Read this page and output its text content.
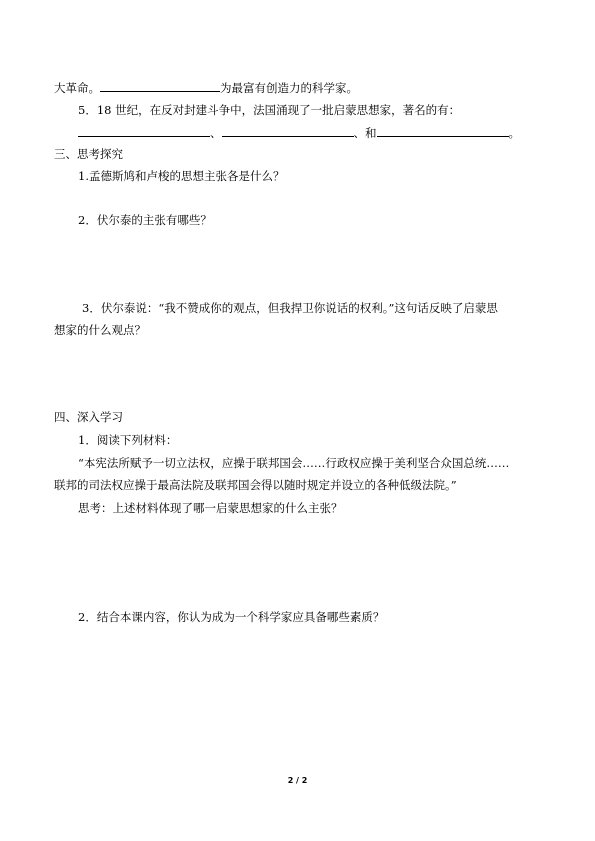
大革命。	为最富有创造力的科学家。
5．18 世纪，在反对封建斗争中，法国涌现了一批启蒙思想家，著名的有：
、	、和	。
三、思考探究
1.孟德斯鸠和卢梭的思想主张各是什么？
2．伏尔泰的主张有哪些？
3．伏尔泰说：“我不赞成你的观点，但我捍卫你说话的权利。”这句话反映了启蒙思
想家的什么观点？
四、深入学习
1．阅读下列材料：
“本宪法所赋予一切立法权，应操于联邦国会……行政权应操于美利坚合众国总统……
联邦的司法权应操于最高法院及联邦国会得以随时规定并设立的各种低级法院。”
思考：上述材料体现了哪一启蒙思想家的什么主张？
2．结合本课内容，你认为成为一个科学家应具备哪些素质？
2 / 2
